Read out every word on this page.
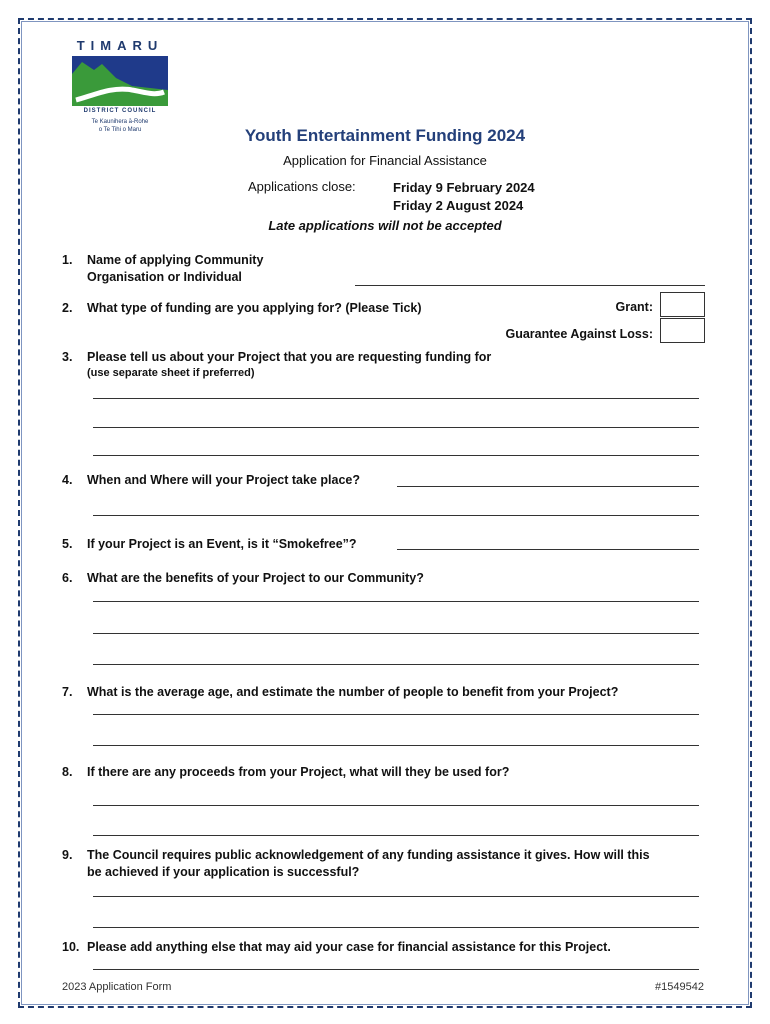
TIMARU
DISTRICT COUNCIL
Te Kaunihera ā-Rohe
o Te Tihi o Maru	Youth Entertainment Funding 2024
Application for Financial Assistance
Applications close:	Friday 9 February 2024
Friday 2 August 2024
Late applications will not be accepted
1. Name of applying Community
Organisation or Individual
2. What type of funding are you applying for? (Please Tick)	Grant:
Guarantee Against Loss:
3. Please tell us about your Project that you are requesting funding for
(use separate sheet if preferred)
4. When and Where will your Project take place?
5. If your Project is an Event, is it “Smokefree”?
6. What are the benefits of your Project to our Community?
7. What is the average age, and estimate the number of people to benefit from your Project?
8. If there are any proceeds from your Project, what will they be used for?
9. The Council requires public acknowledgement of any funding assistance it gives. How will this
be achieved if your application is successful?
10. Please add anything else that may aid your case for financial assistance for this Project.
2023 Application Form	#1549542
